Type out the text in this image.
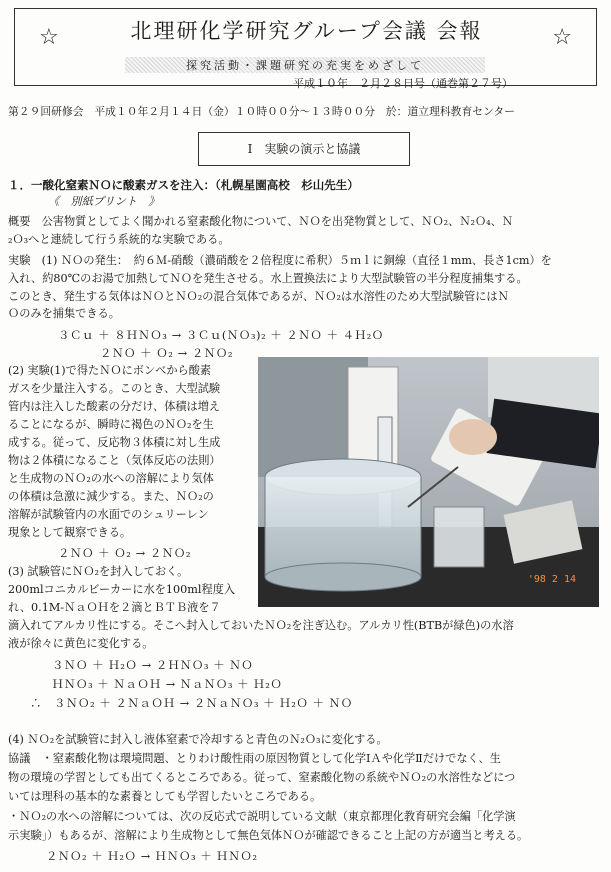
☆	☆
北理研化学研究グループ会議 会報
探究活動・課題研究の充実をめざして
平成１０年　２月２８日号（通巻第２７号）
第２９回研修会　平成１０年２月１４日（金）１０時００分～１３時００分　於：道立理科教育センター
Ⅰ　実験の演示と協議
１．一酸化窒素ＮＯに酸素ガスを注入：（札幌星園高校　杉山先生）
《　別紙プリント　》
概要　公害物質としてよく聞かれる窒素酸化物について、ＮＯを出発物質として、ＮＯ₂、Ｎ₂Ｏ₄、Ｎ
₂Ｏ₃へと連続して行う系統的な実験である。
実験　(1) ＮＯの発生：　約６Ｍ-硝酸（濃硝酸を２倍程度に希釈）５ｍｌに銅線（直径１mm、長さ1cm）を
入れ、約80℃のお湯で加熱してＮＯを発生させる。水上置換法により大型試験管の半分程度捕集する。
このとき、発生する気体はＮＯとＮＯ₂の混合気体であるが、ＮＯ₂は水溶性のため大型試験管にはＮ
Ｏのみを捕集できる。
３Ｃｕ ＋ ８ＨＮＯ₃ → ３Ｃｕ(ＮＯ₃)₂ ＋ ２ＮＯ ＋ ４Ｈ₂Ｏ
２ＮＯ ＋ Ｏ₂ → ２ＮＯ₂
(2) 実験(1)で得たＮＯにボンベから酸素
ガスを少量注入する。このとき、大型試験
管内は注入した酸素の分だけ、体積は増え
ることになるが、瞬時に褐色のＮＯ₂を生
成する。従って、反応物３体積に対し生成
物は２体積になること（気体反応の法則）
と生成物のＮＯ₂の水への溶解により気体
の体積は急激に減少する。また、ＮＯ₂の
溶解が試験管内の水面でのシュリーレン
現象として観察できる。
２ＮＯ ＋ Ｏ₂ → ２ＮＯ₂
(3) 試験管にＮＯ₂を封入しておく。
200mlコニカルビーカーに水を100ml程度入
れ、0.1M-ＮａＯＨを２滴とＢＴＢ液を７
滴入れてアルカリ性にする。そこへ封入しておいたＮＯ₂を注ぎ込む。アルカリ性(BTBが緑色)の水溶
液が徐々に黄色に変化する。
３ＮＯ ＋ Ｈ₂Ｏ → ２ＨＮＯ₃ ＋ ＮＯ
ＨＮＯ₃ ＋ ＮａＯＨ → ＮａＮＯ₃ ＋ Ｈ₂Ｏ
∴　３ＮＯ₂ ＋ ２ＮａＯＨ → ２ＮａＮＯ₃ ＋ Ｈ₂Ｏ ＋ ＮＯ
(4) ＮＯ₂を試験管に封入し液体窒素で冷却すると青色のＮ₂Ｏ₃に変化する。
協議　・窒素酸化物は環境問題、とりわけ酸性雨の原因物質として化学ⅠＡや化学Ⅱだけでなく、生
物の環境の学習としても出てくるところである。従って、窒素酸化物の系統やＮＯ₂の水溶性などにつ
いては理科の基本的な素養としても学習したいところである。
・ＮＯ₂の水への溶解については、次の反応式で説明している文献（東京都理化教育研究会編「化学演
示実験」）もあるが、溶解により生成物として無色気体ＮＯが確認できること上記の方が適当と考える。
２ＮＯ₂ ＋ Ｈ₂Ｏ → ＨＮＯ₃ ＋ ＨＮＯ₂
'98 2 14
